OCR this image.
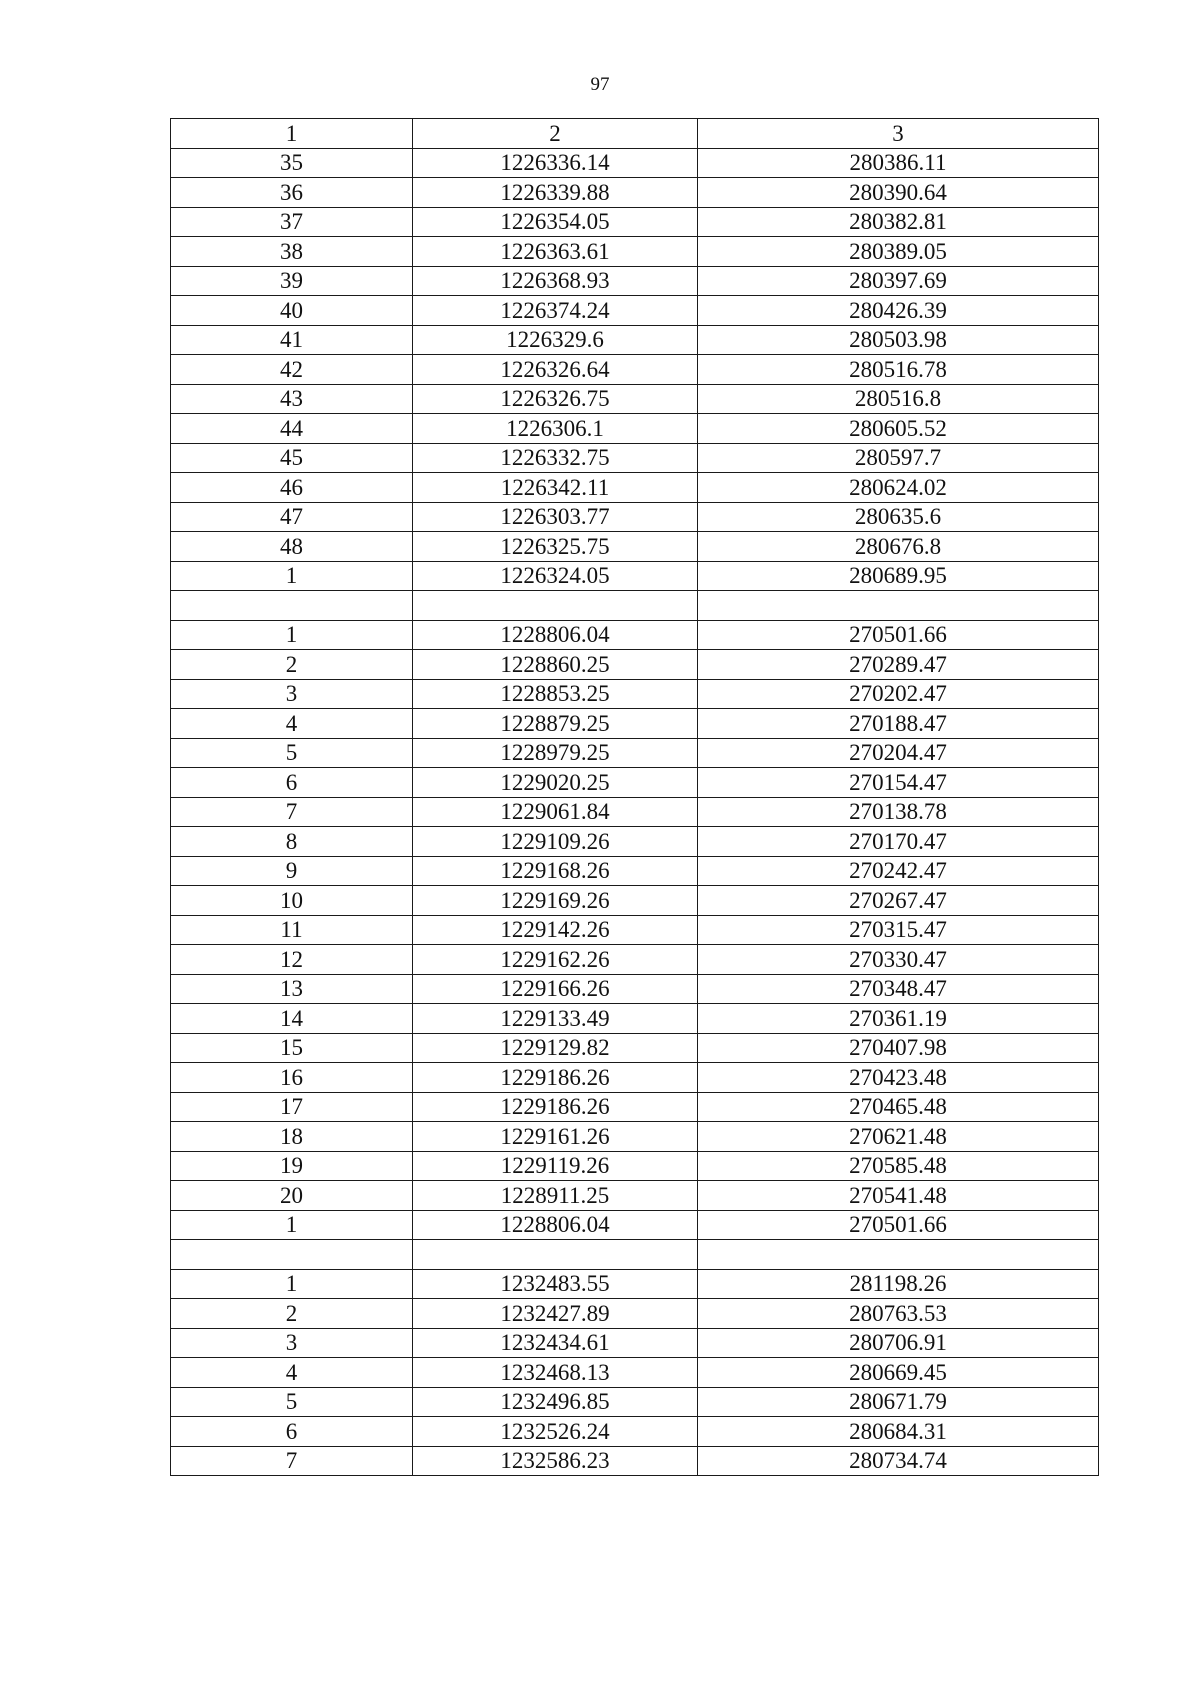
97
1	2	3
35	1226336.14	280386.11
36	1226339.88	280390.64
37	1226354.05	280382.81
38	1226363.61	280389.05
39	1226368.93	280397.69
40	1226374.24	280426.39
41	1226329.6	280503.98
42	1226326.64	280516.78
43	1226326.75	280516.8
44	1226306.1	280605.52
45	1226332.75	280597.7
46	1226342.11	280624.02
47	1226303.77	280635.6
48	1226325.75	280676.8
1	1226324.05	280689.95

1	1228806.04	270501.66
2	1228860.25	270289.47
3	1228853.25	270202.47
4	1228879.25	270188.47
5	1228979.25	270204.47
6	1229020.25	270154.47
7	1229061.84	270138.78
8	1229109.26	270170.47
9	1229168.26	270242.47
10	1229169.26	270267.47
11	1229142.26	270315.47
12	1229162.26	270330.47
13	1229166.26	270348.47
14	1229133.49	270361.19
15	1229129.82	270407.98
16	1229186.26	270423.48
17	1229186.26	270465.48
18	1229161.26	270621.48
19	1229119.26	270585.48
20	1228911.25	270541.48
1	1228806.04	270501.66

1	1232483.55	281198.26
2	1232427.89	280763.53
3	1232434.61	280706.91
4	1232468.13	280669.45
5	1232496.85	280671.79
6	1232526.24	280684.31
7	1232586.23	280734.74
